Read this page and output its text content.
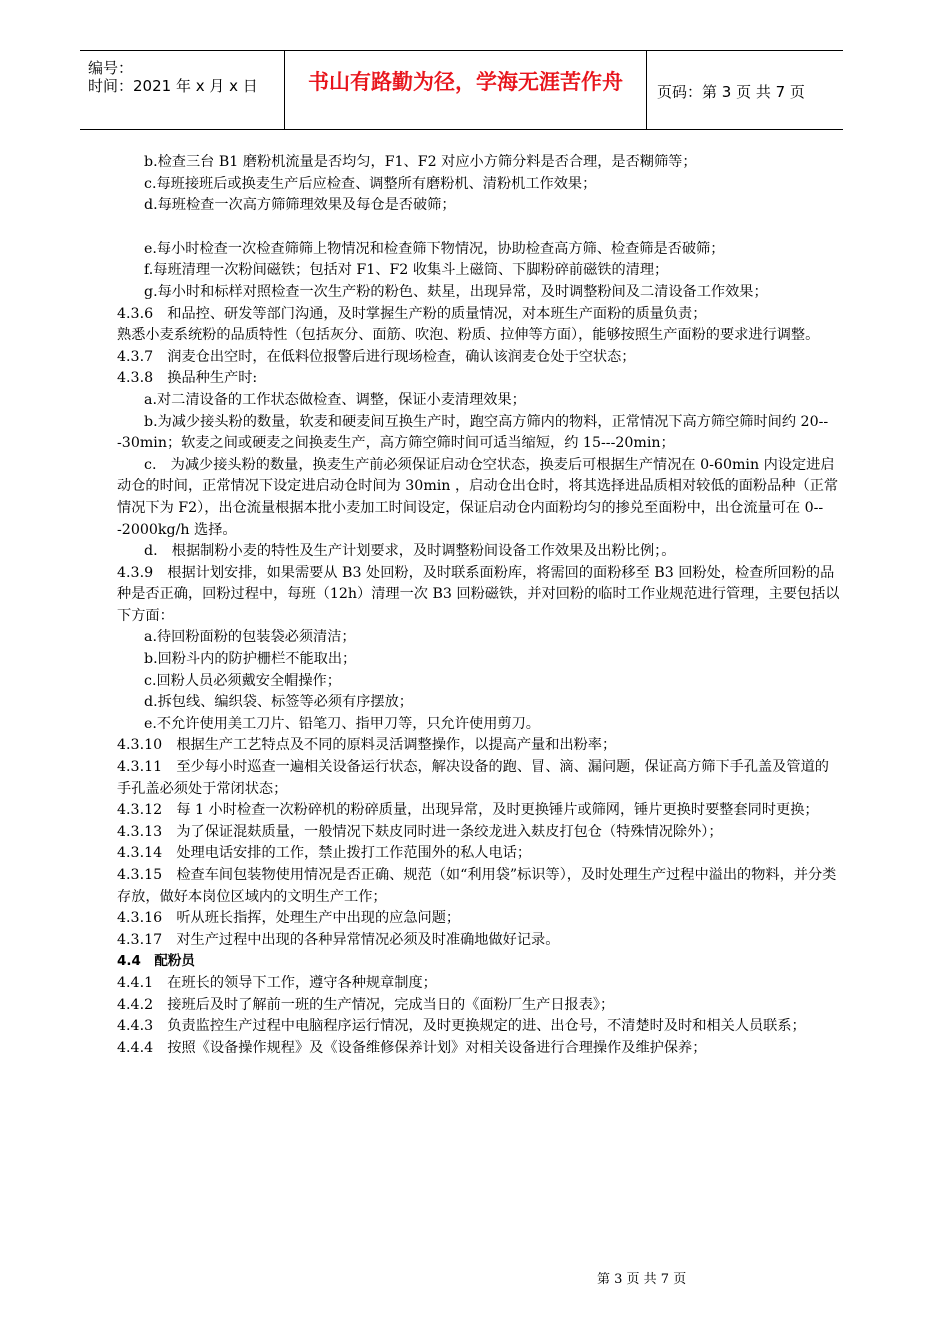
编号：
时间：2021 年 x 月 x 日	书山有路勤为径，学海无涯苦作舟 页码：第 3 页 共 7 页

b.检查三台 B1 磨粉机流量是否均匀，F1、F2 对应小方筛分料是否合理，是否糊筛等；

c.每班接班后或换麦生产后应检查、调整所有磨粉机、清粉机工作效果；

d.每班检查一次高方筛筛理效果及每仓是否破筛；

e.每小时检查一次检查筛筛上物情况和检查筛下物情况，协助检查高方筛、检查筛是否破筛；

f.每班清理一次粉间磁铁；包括对 F1、F2 收集斗上磁筒、下脚粉碎前磁铁的清理；

g.每小时和标样对照检查一次生产粉的粉色、麸星，出现异常，及时调整粉间及二清设备工作效果；

4.3.6　和品控、研发等部门沟通，及时掌握生产粉的质量情况，对本班生产面粉的质量负责；

熟悉小麦系统粉的品质特性（包括灰分、面筋、吹泡、粉质、拉伸等方面），能够按照生产面粉的要求进行调整。

4.3.7　润麦仓出空时，在低料位报警后进行现场检查，确认该润麦仓处于空状态；

4.3.8　换品种生产时:

a.对二清设备的工作状态做检查、调整，保证小麦清理效果；

b.为减少接头粉的数量，软麦和硬麦间互换生产时，跑空高方筛内的物料，正常情况下高方筛空筛时间约 20---30min；软麦之间或硬麦之间换麦生产，高方筛空筛时间可适当缩短，约 15---20min；

c.　为减少接头粉的数量，换麦生产前必须保证启动仓空状态，换麦后可根据生产情况在 0-60min 内设定进启动仓的时间，正常情况下设定进启动仓时间为 30min ，启动仓出仓时，将其选择进品质相对较低的面粉品种（正常情况下为 F2），出仓流量根据本批小麦加工时间设定，保证启动仓内面粉均匀的掺兑至面粉中，出仓流量可在 0---2000kg/h 选择。

d.　根据制粉小麦的特性及生产计划要求，及时调整粉间设备工作效果及出粉比例；。

4.3.9　根据计划安排，如果需要从 B3 处回粉，及时联系面粉库，将需回的面粉移至 B3 回粉处，检查所回粉的品种是否正确，回粉过程中，每班（12h）清理一次 B3 回粉磁铁，并对回粉的临时工作业规范进行管理，主要包括以下方面：

a.待回粉面粉的包装袋必须清洁；

b.回粉斗内的防护栅栏不能取出；

c.回粉人员必须戴安全帽操作；

d.拆包线、编织袋、标签等必须有序摆放；

e.不允许使用美工刀片、铅笔刀、指甲刀等，只允许使用剪刀。

4.3.10　根据生产工艺特点及不同的原料灵活调整操作，以提高产量和出粉率；

4.3.11　至少每小时巡查一遍相关设备运行状态，解决设备的跑、冒、滴、漏问题，保证高方筛下手孔盖及管道的手孔盖必须处于常闭状态；

4.3.12　每 1 小时检查一次粉碎机的粉碎质量，出现异常，及时更换锤片或筛网，锤片更换时要整套同时更换；

4.3.13　为了保证混麸质量，一般情况下麸皮同时进一条绞龙进入麸皮打包仓（特殊情况除外）；

4.3.14　处理电话安排的工作，禁止拨打工作范围外的私人电话；

4.3.15　检查车间包装物使用情况是否正确、规范（如“利用袋”标识等），及时处理生产过程中溢出的物料，并分类存放，做好本岗位区域内的文明生产工作；

4.3.16　听从班长指挥，处理生产中出现的应急问题；

4.3.17　对生产过程中出现的各种异常情况必须及时准确地做好记录。

4.4　配粉员

4.4.1　在班长的领导下工作，遵守各种规章制度；

4.4.2　接班后及时了解前一班的生产情况，完成当日的《面粉厂生产日报表》；

4.4.3　负责监控生产过程中电脑程序运行情况，及时更换规定的进、出仓号，不清楚时及时和相关人员联系；

4.4.4　按照《设备操作规程》及《设备维修保养计划》对相关设备进行合理操作及维护保养；

第 3 页 共 7 页
